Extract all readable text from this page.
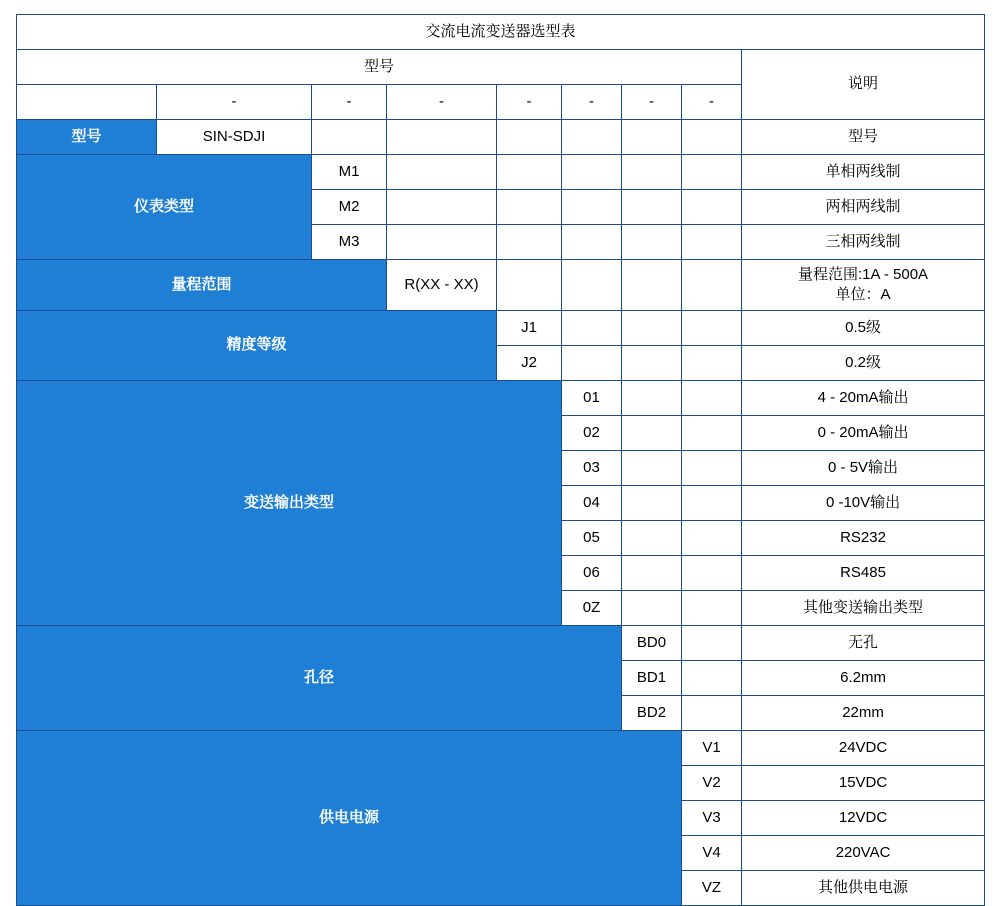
交流电流变送器选型表								
型号								说明
	-	-	-	-	-	-	-	
型号	SIN-SDJI							型号
仪表类型		M1						单相两线制
		M2						两相两线制
		M3						三相两线制
量程范围			R(XX - XX)					量程范围:1A - 500A
单位：A

精度等级				J1				0.5级
				J2				0.2级
变送输出类型					01			4 - 20mA输出
					02			0 - 20mA输出
					03			0 - 5V输出
					04			0 -10V输出
					05			RS232
					06			RS485
					0Z			其他变送输出类型
孔径						BD0		无孔
						BD1		6.2mm
						BD2		22mm
供电电源							V1	24VDC
							V2	15VDC
							V3	12VDC
							V4	220VAC
							VZ	其他供电电源
